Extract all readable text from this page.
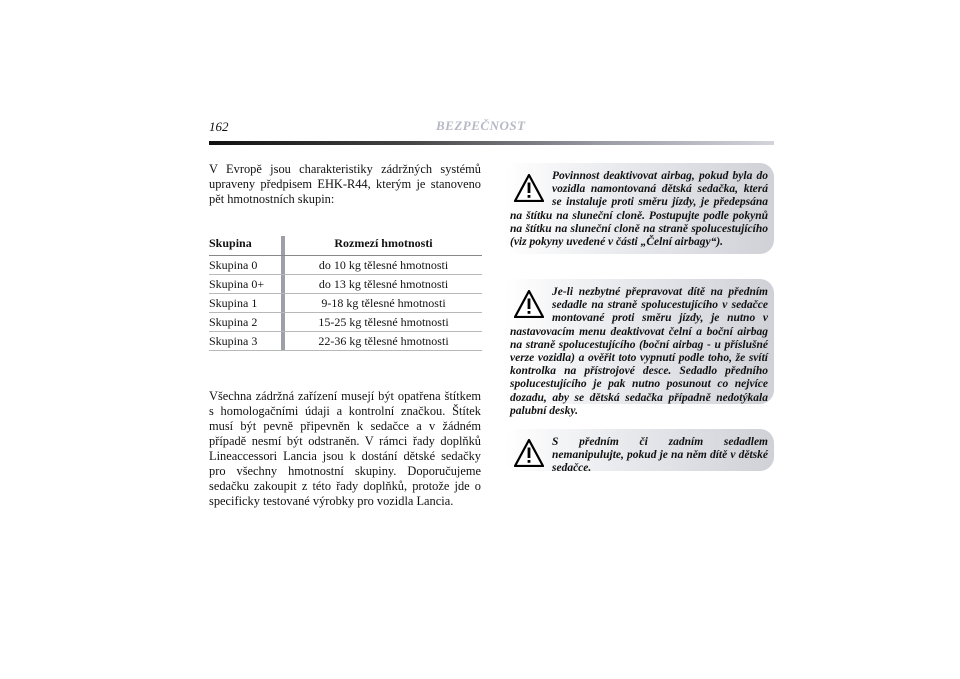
162	BEZPEČNOST

V Evropě jsou charakteristiky zádržných systémů upraveny předpisem EHK-R44, kterým je stanoveno pět hmotnostních skupin:

Skupina		Rozmezí hmotnosti
Skupina 0		do 10 kg tělesné hmotnosti
Skupina 0+		do 13 kg tělesné hmotnosti
Skupina 1		9-18 kg tělesné hmotnosti
Skupina 2		15-25 kg tělesné hmotnosti
Skupina 3		22-36 kg tělesné hmotnosti

Všechna zádržná zařízení musejí být opatřena štítkem s homologačními údaji a kontrolní značkou. Štítek musí být pevně připevněn k sedačce a v žádném případě nesmí být odstraněn. V rámci řady doplňků Lineaccessori Lancia jsou k dostání dětské sedačky pro všechny hmotnostní skupiny. Doporučujeme sedačku zakoupit z této řady doplňků, protože jde o specificky testované výrobky pro vozidla Lancia.

Povinnost deaktivovat airbag, pokud byla do vozidla namontovaná dětská sedačka, která se instaluje proti směru jízdy, je předepsána na štítku na sluneční cloně. Postupujte podle pokynů na štítku na sluneční cloně na straně spolucestujícího (viz pokyny uvedené v části „Čelní airbagy“).
Je-li nezbytné přepravovat dítě na předním sedadle na straně spolucestujícího v sedačce montované proti směru jízdy, je nutno v nastavovacím menu deaktivovat čelní a boční airbag na straně spolucestujícího (boční airbag - u příslušné verze vozidla) a ověřit toto vypnutí podle toho, že svítí kontrolka na přístrojové desce. Sedadlo předního spolucestujícího je pak nutno posunout co nejvíce dozadu, aby se dětská sedačka případně nedotýkala palubní desky.
S předním či zadním sedadlem nemanipulujte, pokud je na něm dítě v dětské sedačce.
